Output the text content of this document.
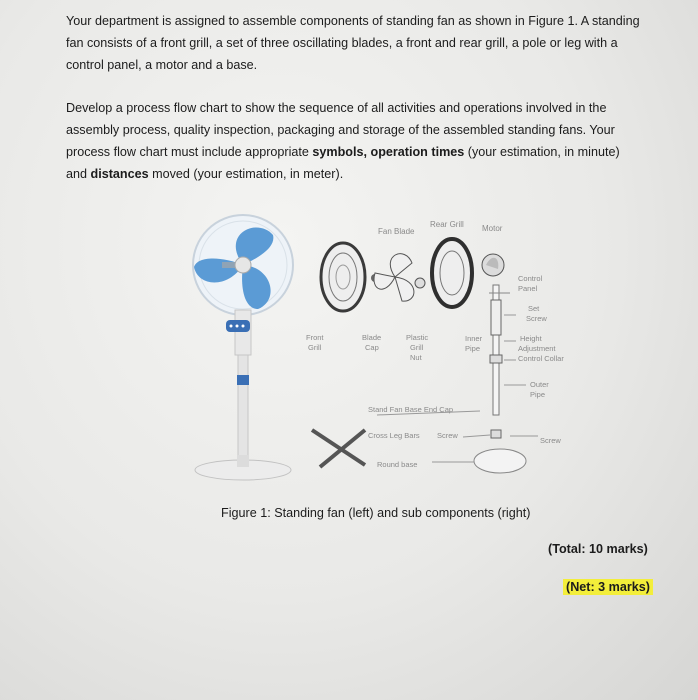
Your department is assigned to assemble components of standing fan as shown in Figure 1. A standing fan consists of a front grill, a set of three oscillating blades, a front and rear grill, a pole or leg with a control panel, a motor and a base.
Develop a process flow chart to show the sequence of all activities and operations involved in the assembly process, quality inspection, packaging and storage of the assembled standing fans. Your process flow chart must include appropriate symbols, operation times (your estimation, in minute) and distances moved (your estimation, in meter).
Fan Blade
Rear Grill Motor
Control
Panel
Set
Screw
Front
Grill
Blade
Cap
Plastic
Grill
Nut
Inner
Pipe
Height
Adjustment
Control Collar
Outer
Pipe
Stand Fan Base End Cap
Cross Leg Bars Screw
Screw
Round base
Figure 1: Standing fan (left) and sub components (right)
(Total: 10 marks)
(Net: 3 marks)
